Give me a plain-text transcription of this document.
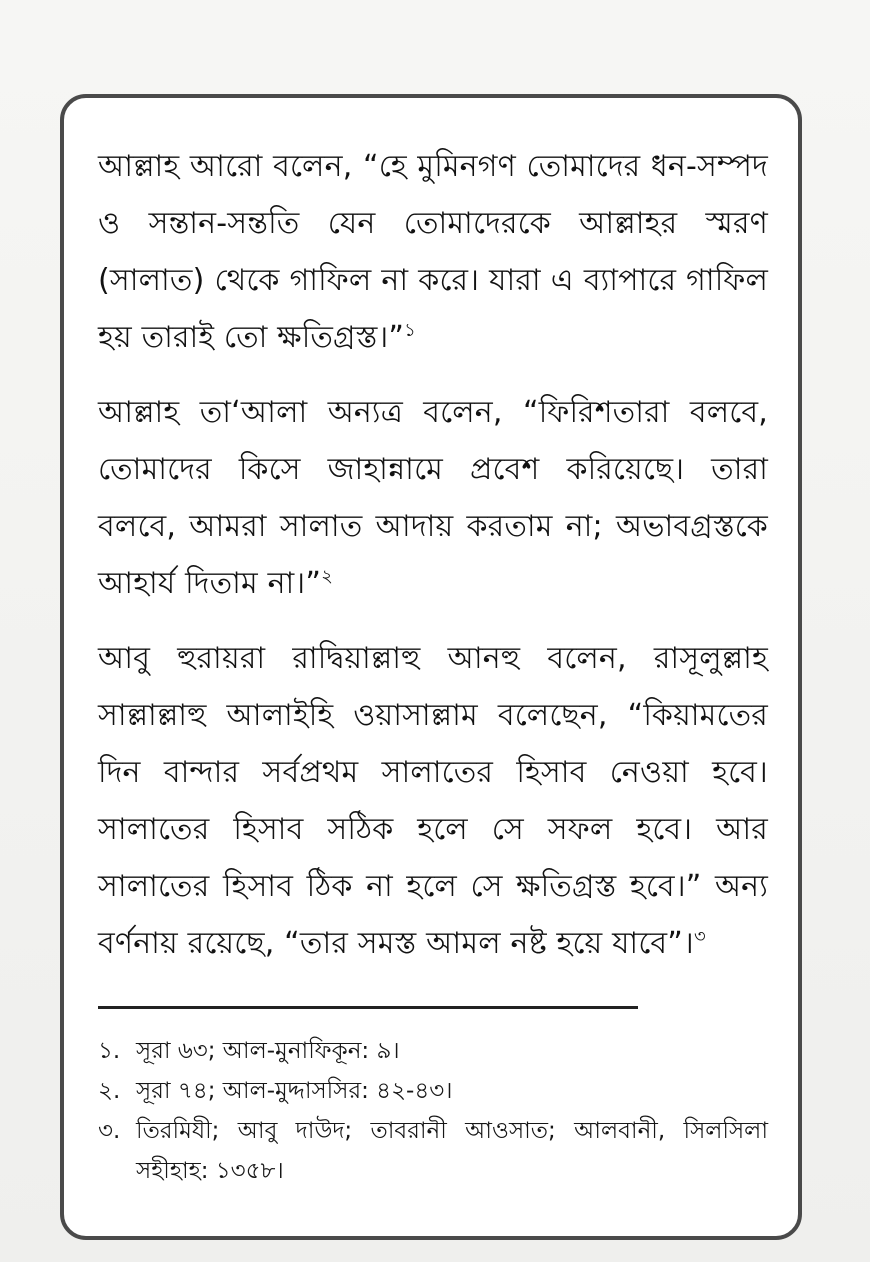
আল্লাহ আরো বলেন, “হে মুমিনগণ তোমাদের ধন-সম্পদ ও সন্তান-সন্ততি যেন তোমাদেরকে আল্লাহর স্মরণ (সালাত) থেকে গাফিল না করে। যারা এ ব্যাপারে গাফিল হয় তারাই তো ক্ষতিগ্রস্ত।”$^১$

আল্লাহ তা‘আলা অন্যত্র বলেন, “ফিরিশতারা বলবে, তোমাদের কিসে জাহান্নামে প্রবেশ করিয়েছে। তারা বলবে, আমরা সালাত আদায় করতাম না; অভাবগ্রস্তকে আহার্য দিতাম না।”$^২$

আবু হুরায়রা রাদ্বিয়াল্লাহু আনহু বলেন, রাসূলুল্লাহ সাল্লাল্লাহু আলাইহি ওয়াসাল্লাম বলেছেন, “কিয়ামতের দিন বান্দার সর্বপ্রথম সালাতের হিসাব নেওয়া হবে। সালাতের হিসাব সঠিক হলে সে সফল হবে। আর সালাতের হিসাব ঠিক না হলে সে ক্ষতিগ্রস্ত হবে।” অন্য বর্ণনায় রয়েছে, “তার সমস্ত আমল নষ্ট হয়ে যাবে”।$^৩$

১. সূরা ৬৩; আল-মুনাফিকূন: ৯।
২. সূরা ৭৪; আল-মুদ্দাসসির: ৪২-৪৩।
৩. তিরমিযী; আবু দাউদ; তাবরানী আওসাত; আলবানী, সিলসিলা সহীহাহ: ১৩৫৮।
